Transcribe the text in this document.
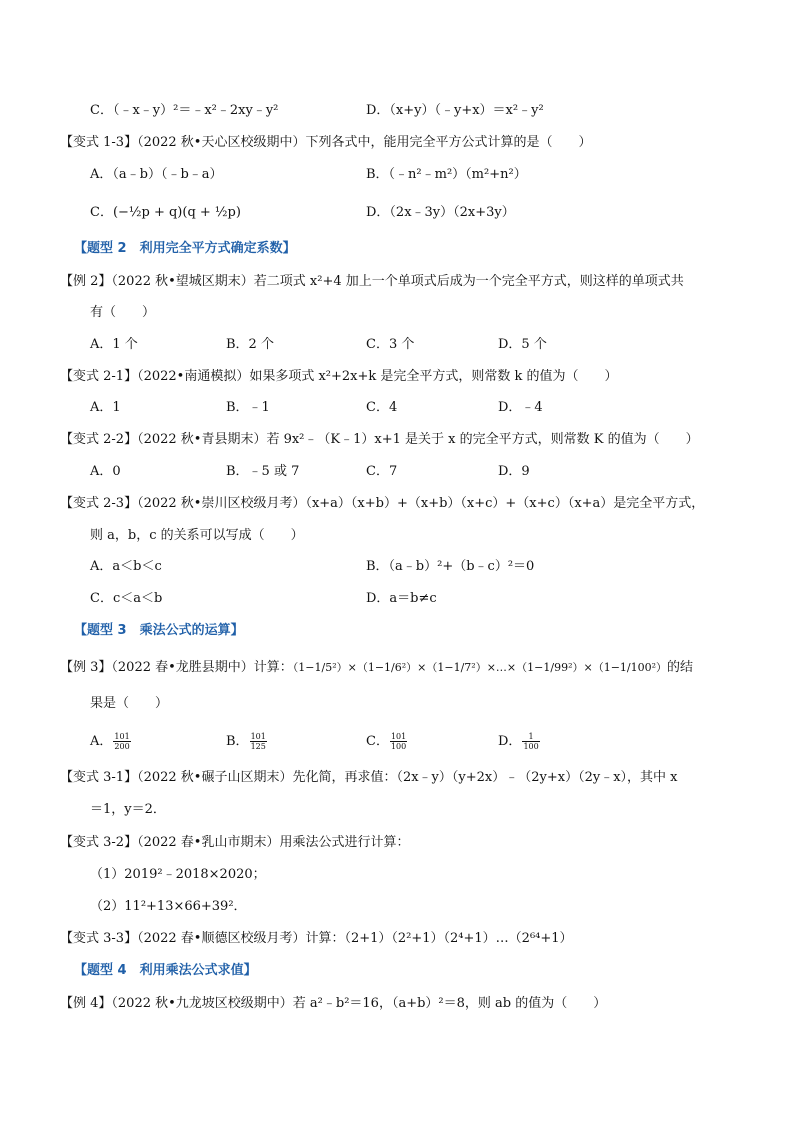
C．（﹣x﹣y）²＝﹣x²﹣2xy﹣y²	D．（x+y）（﹣y+x）＝x²﹣y²
【变式 1-3】（2022 秋•天心区校级期中）下列各式中，能用完全平方公式计算的是（　　）
A．（a﹣b）（﹣b﹣a）	B．（﹣n²﹣m²）（m²+n²）
C．(−½p + q)(q + ½p)	D．（2x﹣3y）（2x+3y）
【题型 2　利用完全平方式确定系数】
【例 2】（2022 秋•望城区期末）若二项式 x²+4 加上一个单项式后成为一个完全平方式，则这样的单项式共
有（　　）
A．1 个	B．2 个	C．3 个	D．5 个
【变式 2-1】（2022•南通模拟）如果多项式 x²+2x+k 是完全平方式，则常数 k 的值为（　　）
A．1	B．﹣1	C．4	D．﹣4
【变式 2-2】（2022 秋•青县期末）若 9x²﹣（K﹣1）x+1 是关于 x 的完全平方式，则常数 K 的值为（　　）
A．0	B．﹣5 或 7	C．7	D．9
【变式 2-3】（2022 秋•崇川区校级月考）（x+a）（x+b）+（x+b）（x+c）+（x+c）（x+a）是完全平方式，
则 a，b，c 的关系可以写成（　　）
A．a＜b＜c	B．（a﹣b）²+（b﹣c）²＝0
C．c＜a＜b	D．a＝b≠c
【题型 3　乘法公式的运算】
【例 3】（2022 春•龙胜县期中）计算：（1−1/5²）×（1−1/6²）×（1−1/7²）×…×（1−1/99²）×（1−1/100²）的结
果是（　　）
A． $\frac{101}{200}$	B． $\frac{101}{125}$	C． $\frac{101}{100}$	D． $\frac{1}{100}$
【变式 3-1】（2022 秋•碾子山区期末）先化简，再求值：（2x﹣y）（y+2x）﹣（2y+x）（2y﹣x），其中 x
＝1，y＝2．
【变式 3-2】（2022 春•乳山市期末）用乘法公式进行计算：
（1）2019²﹣2018×2020；
（2）11²+13×66+39²．
【变式 3-3】（2022 春•顺德区校级月考）计算：（2+1）（2²+1）（2⁴+1）…（2⁶⁴+1）
【题型 4　利用乘法公式求值】
【例 4】（2022 秋•九龙坡区校级期中）若 a²﹣b²＝16，（a+b）²＝8，则 ab 的值为（　　）
